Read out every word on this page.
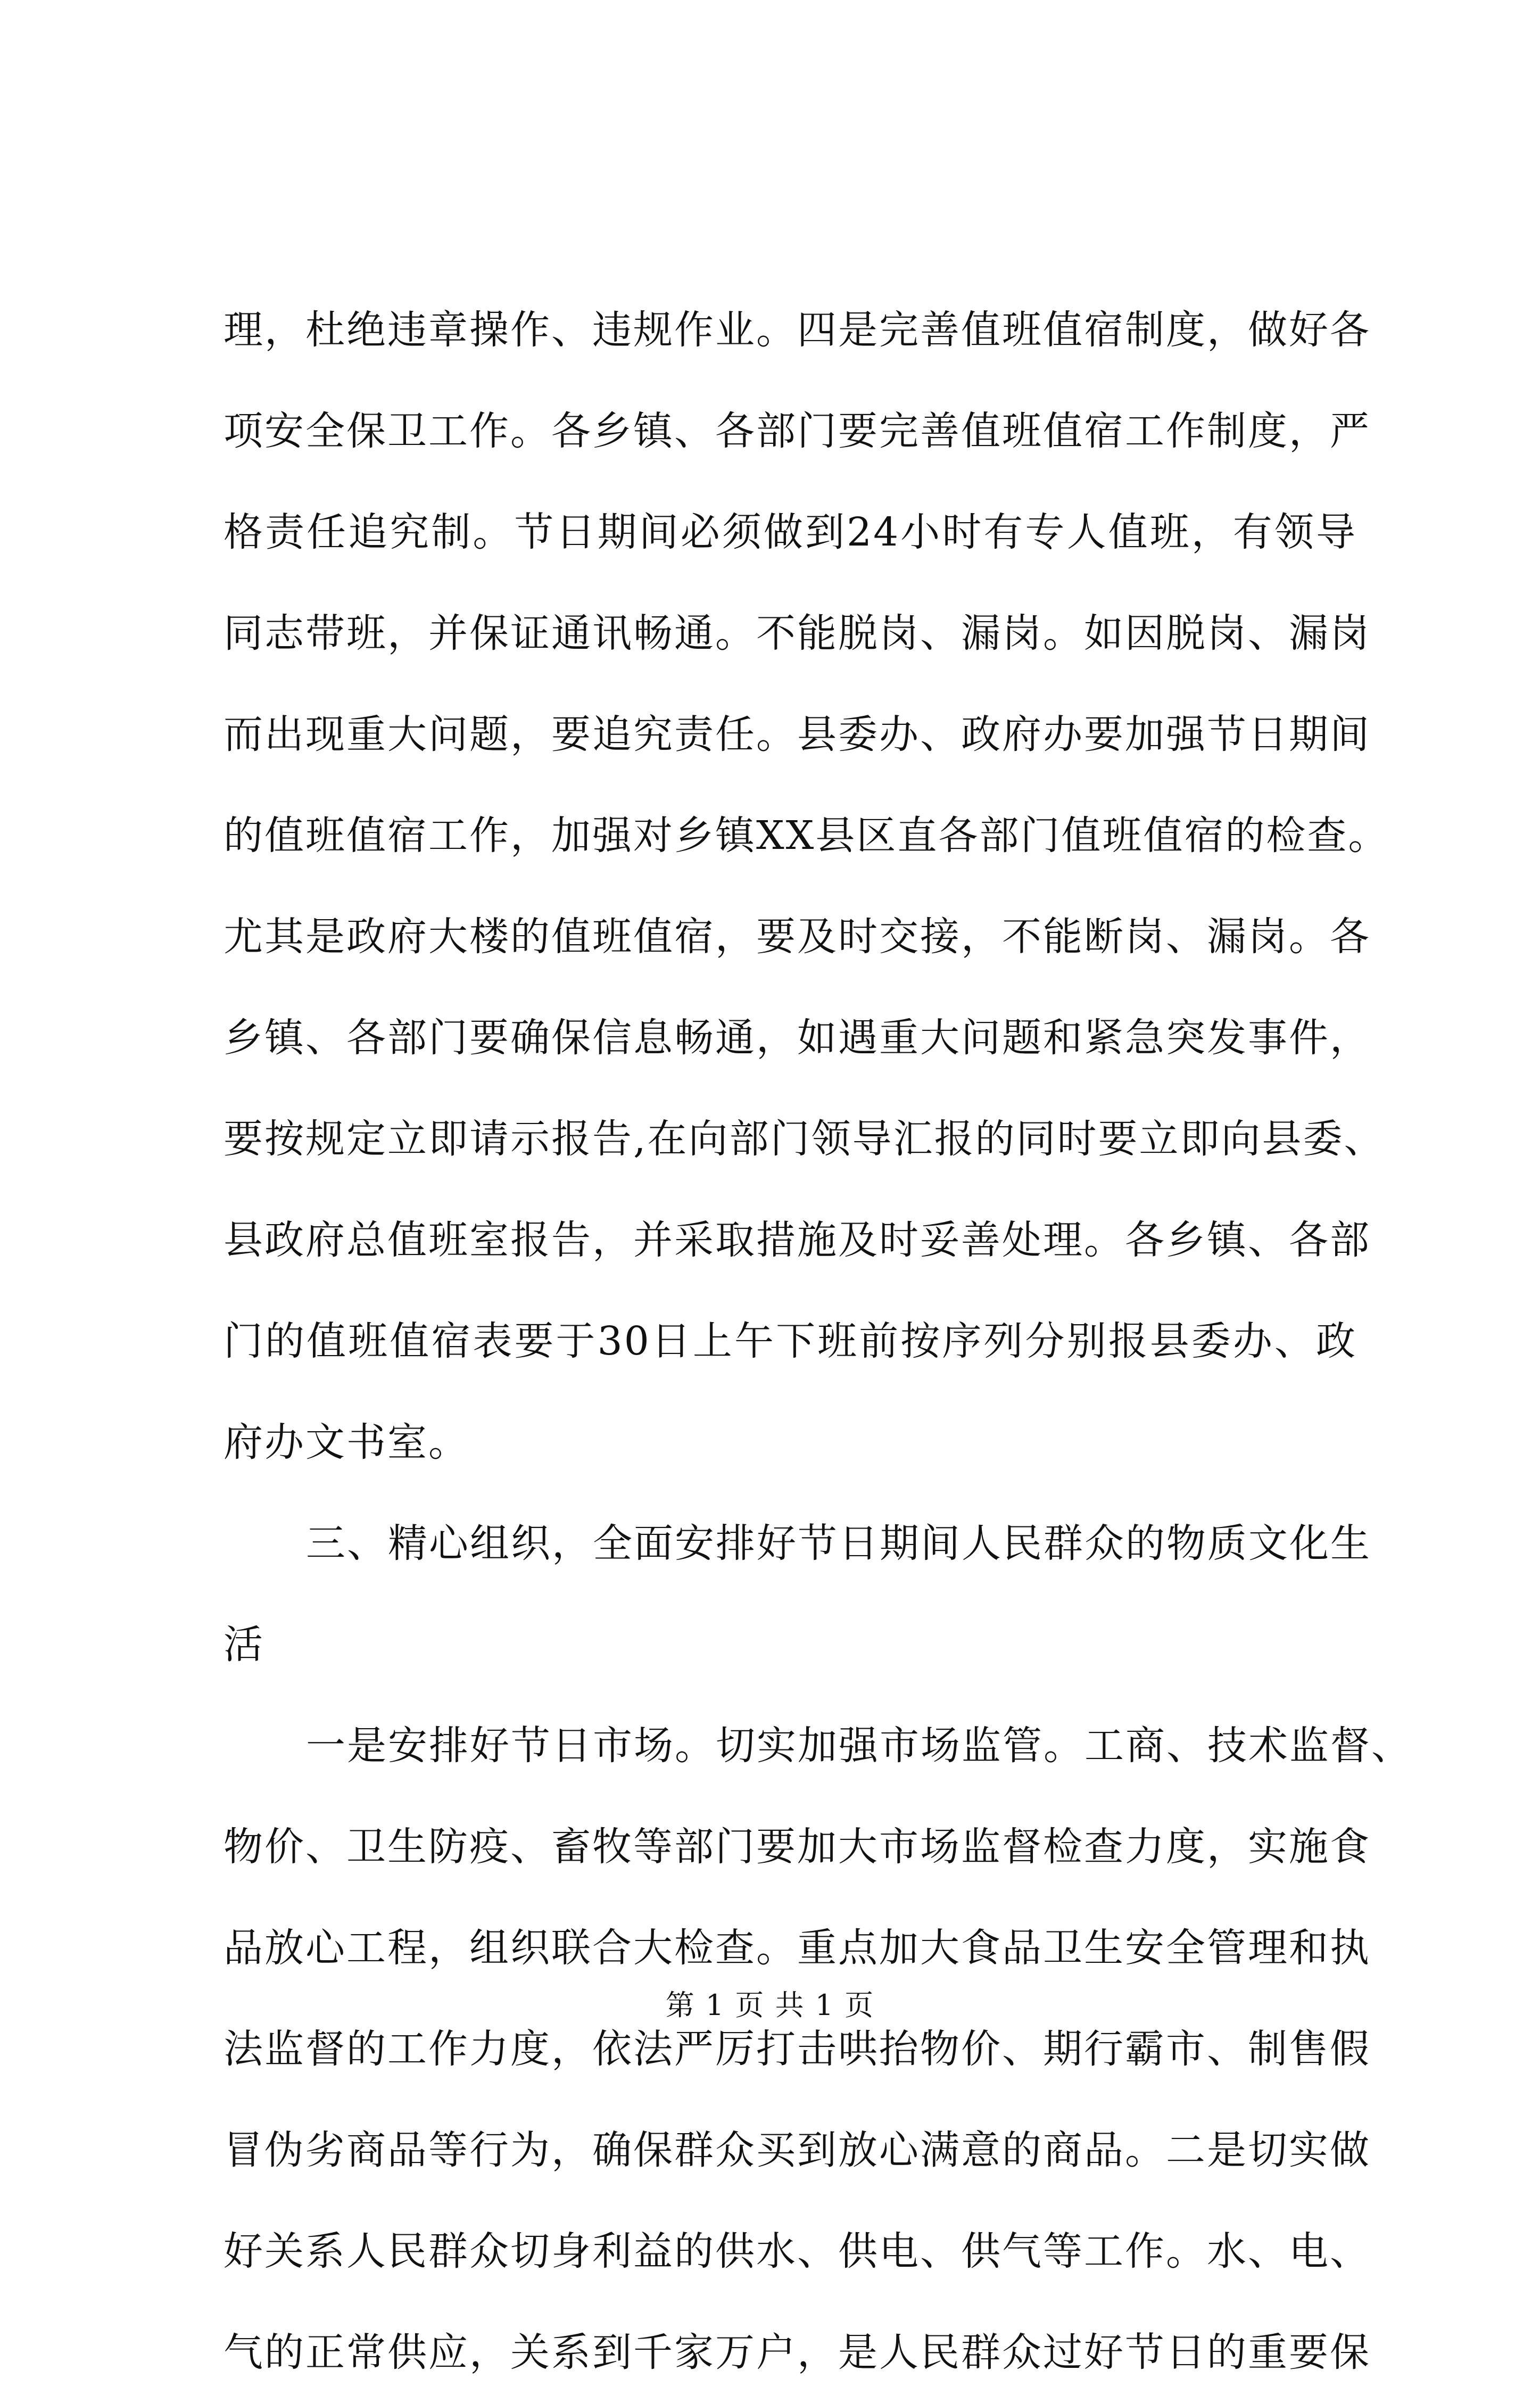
理，杜绝违章操作、违规作业。四是完善值班值宿制度，做好各
项安全保卫工作。各乡镇、各部门要完善值班值宿工作制度，严
格责任追究制。节日期间必须做到24小时有专人值班，有领导
同志带班，并保证通讯畅通。不能脱岗、漏岗。如因脱岗、漏岗
而出现重大问题，要追究责任。县委办、政府办要加强节日期间
的值班值宿工作，加强对乡镇XX县区直各部门值班值宿的检查。
尤其是政府大楼的值班值宿，要及时交接，不能断岗、漏岗。各
乡镇、各部门要确保信息畅通，如遇重大问题和紧急突发事件，
要按规定立即请示报告,在向部门领导汇报的同时要立即向县委、
县政府总值班室报告，并采取措施及时妥善处理。各乡镇、各部
门的值班值宿表要于30日上午下班前按序列分别报县委办、政
府办文书室。
三、精心组织，全面安排好节日期间人民群众的物质文化生
活
一是安排好节日市场。切实加强市场监管。工商、技术监督、
物价、卫生防疫、畜牧等部门要加大市场监督检查力度，实施食
品放心工程，组织联合大检查。重点加大食品卫生安全管理和执
法监督的工作力度，依法严厉打击哄抬物价、期行霸市、制售假
冒伪劣商品等行为，确保群众买到放心满意的商品。二是切实做
好关系人民群众切身利益的供水、供电、供气等工作。水、电、
气的正常供应，关系到千家万户，是人民群众过好节日的重要保
第 1 页 共 1 页
